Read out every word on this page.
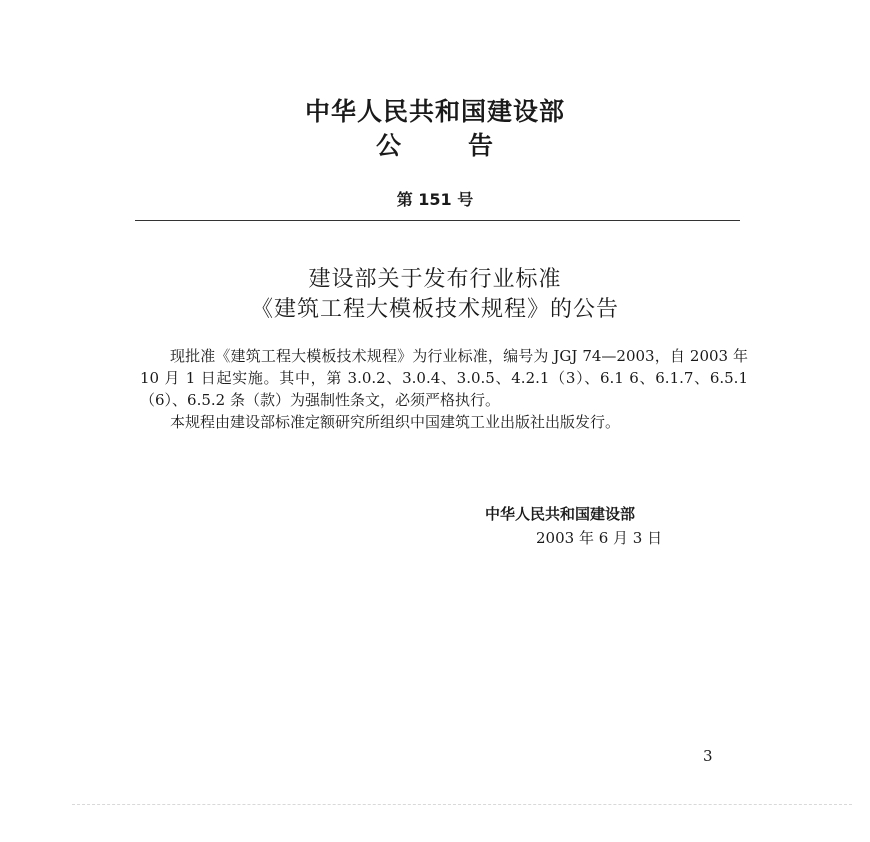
中华人民共和国建设部
公	告
第 151 号
建设部关于发布行业标准
《建筑工程大模板技术规程》的公告

现批准《建筑工程大模板技术规程》为行业标准，编号为 JGJ 74—2003，自 2003 年 10 月 1 日起实施。其中，第 3.0.2、3.0.4、3.0.5、4.2.1（3）、6.1 6、6.1.7、6.5.1（6）、6.5.2 条（款）为强制性条文，必须严格执行。

本规程由建设部标准定额研究所组织中国建筑工业出版社出版发行。

中华人民共和国建设部
2003 年 6 月 3 日
3
